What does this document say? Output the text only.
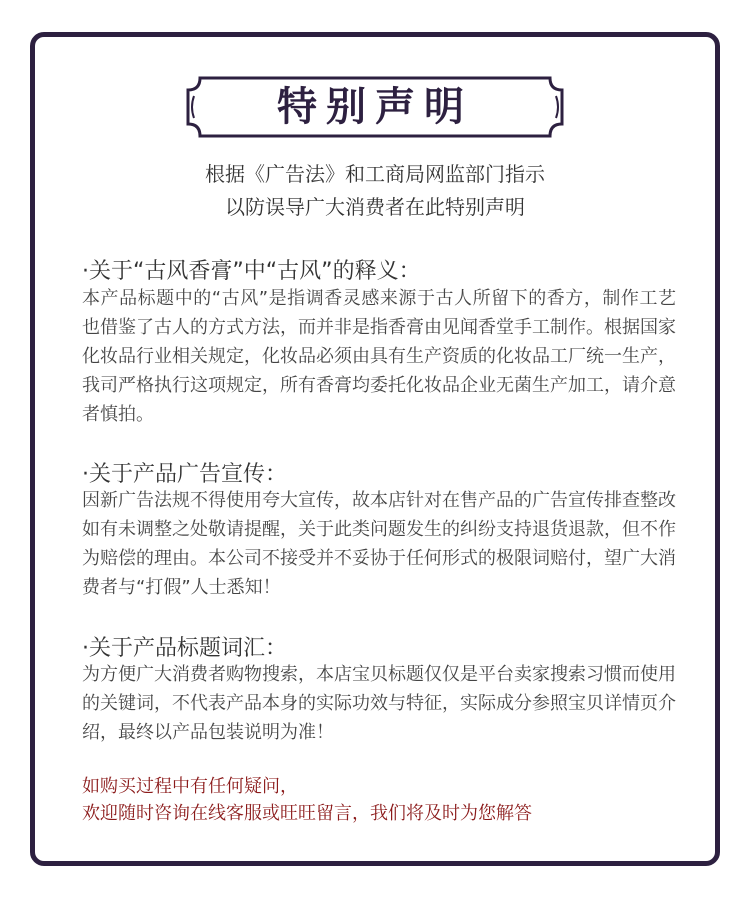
特别声明
根据《广告法》和工商局网监部门指示
以防误导广大消费者在此特别声明
·关于“古风香膏”中“古风”的释义：
本产品标题中的“古风”是指调香灵感来源于古人所留下的香方，制作工艺也借鉴了古人的方式方法，而并非是指香膏由见闻香堂手工制作。根据国家化妆品行业相关规定，化妆品必须由具有生产资质的化妆品工厂统一生产，我司严格执行这项规定，所有香膏均委托化妆品企业无菌生产加工，请介意者慎拍。
·关于产品广告宣传：
因新广告法规不得使用夸大宣传，故本店针对在售产品的广告宣传排查整改如有未调整之处敬请提醒，关于此类问题发生的纠纷支持退货退款，但不作为赔偿的理由。本公司不接受并不妥协于任何形式的极限词赔付，望广大消费者与“打假”人士悉知！
·关于产品标题词汇：
为方便广大消费者购物搜索，本店宝贝标题仅仅是平台卖家搜索习惯而使用的关键词，不代表产品本身的实际功效与特征，实际成分参照宝贝详情页介绍，最终以产品包装说明为准！
如购买过程中有任何疑问，
欢迎随时咨询在线客服或旺旺留言，我们将及时为您解答
